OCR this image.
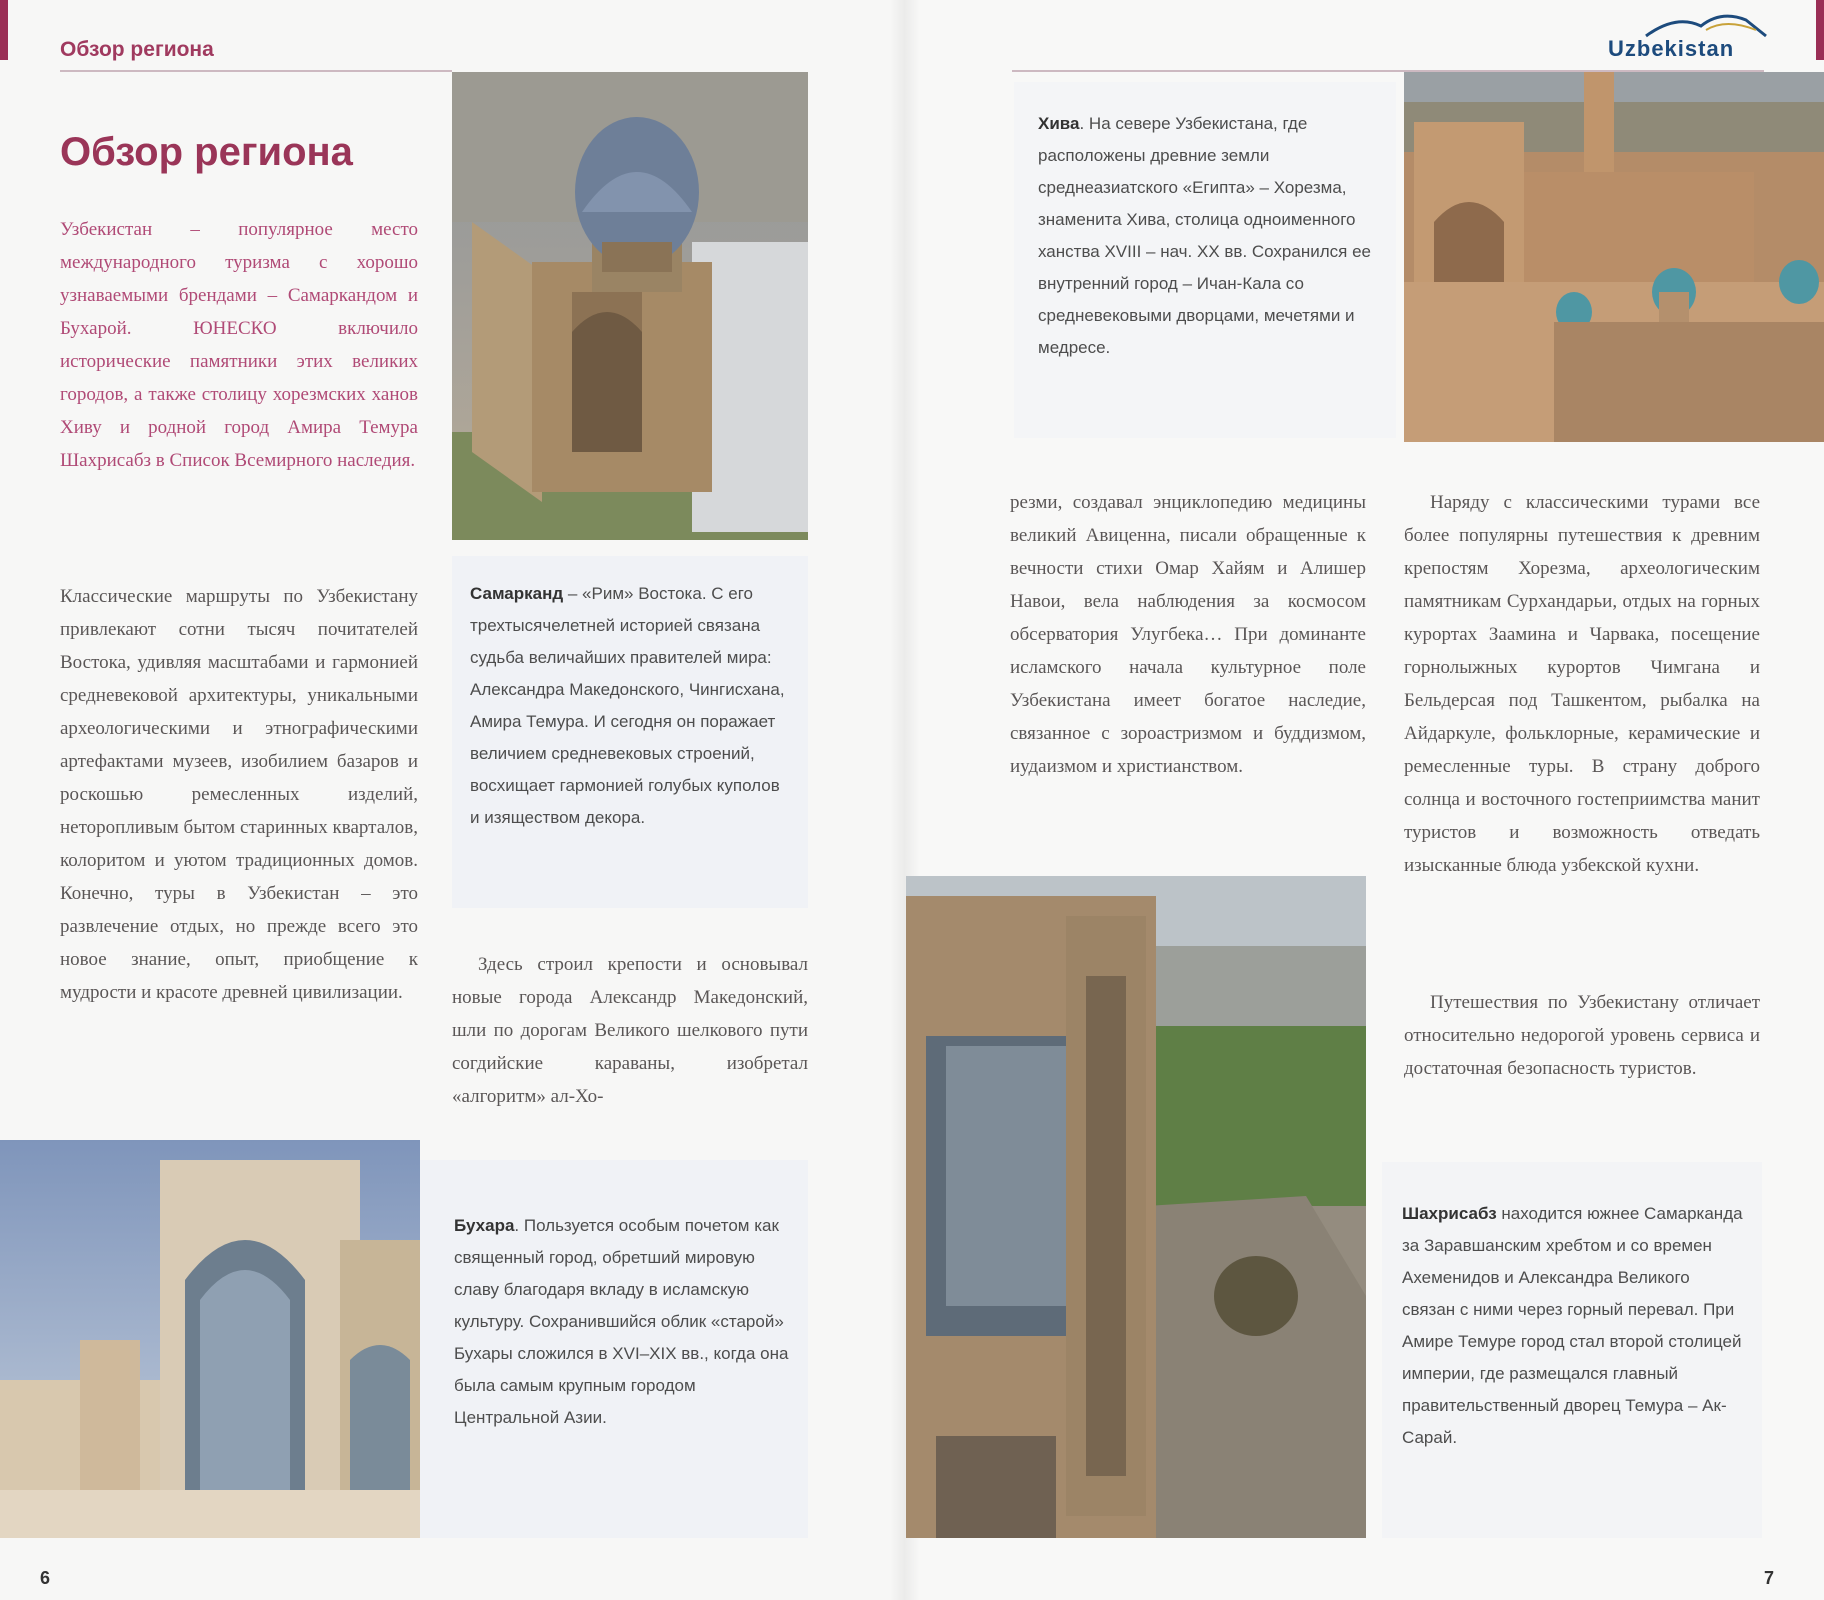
Обзор региона	Uzbekistan
Обзор региона

Узбекистан – популярное место международного туризма с хорошо узнаваемыми брендами – Самаркандом и Бухарой. ЮНЕСКО включило исторические памятники этих великих городов, а также столицу хорезмских ханов Хиву и родной город Амира Темура Шахрисабз в Список Всемирного наследия.

Классические маршруты по Узбекистану привлекают сотни тысяч почитателей Востока, удивляя масштабами и гармонией средневековой архитектуры, уникальными археологическими и этнографическими артефактами музеев, изобилием базаров и роскошью ремесленных изделий, неторопливым бытом старинных кварталов, колоритом и уютом традиционных домов. Конечно, туры в Узбекистан – это развлечение отдых, но прежде всего это новое знание, опыт, приобщение к мудрости и красоте древней цивилизации.

Самарканд – «Рим» Востока. С его трехтысячелетней историей связана судьба величайших правителей мира: Александра Македонского, Чингисхана, Амира Темура. И сегодня он поражает величием средневековых строений, восхищает гармонией голубых куполов и изяществом декора.

Здесь строил крепости и основывал новые города Александр Македонский, шли по дорогам Великого шелкового пути согдийские караваны, изобретал «алгоритм» ал-Хо-

Бухара. Пользуется особым почетом как священный город, обретший мировую славу благодаря вкладу в исламскую культуру. Сохранившийся облик «старой» Бухары сложился в XVI–XIX вв., когда она была самым крупным городом Центральной Азии.

6

Хива. На севере Узбекистана, где расположены древние земли среднеазиатского «Египта» – Хорезма, знаменита Хива, столица одноименного ханства XVIII – нач. XX вв. Сохранился ее внутренний город – Ичан-Кала со средневековыми дворцами, мечетями и медресе.

резми, создавал энциклопедию медицины великий Авиценна, писали обращенные к вечности стихи Омар Хайям и Алишер Навои, вела наблюдения за космосом обсерватория Улугбека… При доминанте исламского начала культурное поле Узбекистана имеет богатое наследие, связанное с зороастризмом и буддизмом, иудаизмом и христианством.

Наряду с классическими турами все более популярны путешествия к древним крепостям Хорезма, археологическим памятникам Сурхандарьи, отдых на горных курортах Заамина и Чарвака, посещение горнолыжных курортов Чимгана и Бельдерсая под Ташкентом, рыбалка на Айдаркуле, фольклорные, керамические и ремесленные туры. В страну доброго солнца и восточного гостеприимства манит туристов и возможность отведать изысканные блюда узбекской кухни.

Путешествия по Узбекистану отличает относительно недорогой уровень сервиса и достаточная безопасность туристов.

Шахрисабз находится южнее Самарканда за Заравшанским хребтом и со времен Ахеменидов и Александра Великого связан с ними через горный перевал. При Амире Темуре город стал второй столицей империи, где размещался главный правительственный дворец Темура – Ак-Сарай.

7
